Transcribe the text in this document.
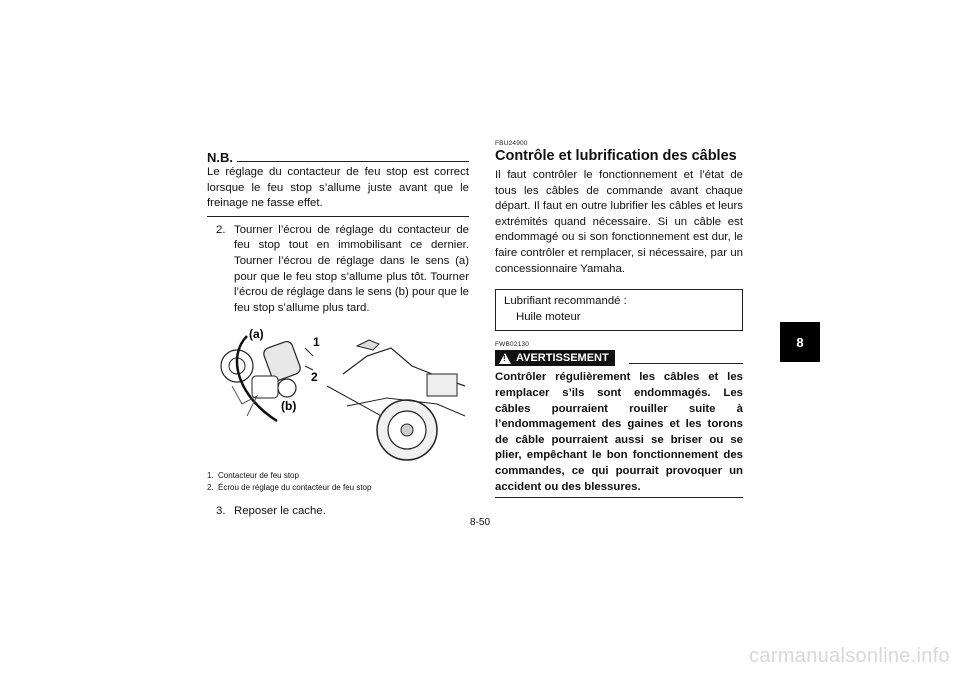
N.B.

Le réglage du contacteur de feu stop est correct lorsque le feu stop s’allume juste avant que le freinage ne fasse effet.

2. Tourner l’écrou de réglage du contacteur de feu stop tout en immobilisant ce dernier. Tourner l’écrou de réglage dans le sens (a) pour que le feu stop s’allume plus tôt. Tourner l’écrou de réglage dans le sens (b) pour que le feu stop s’allume plus tard.
(a)
1
2
(b)
1. Contacteur de feu stop
2. Écrou de réglage du contacteur de feu stop
3. Reposer le cache.
FBU24900
Contrôle et lubrification des câbles

Il faut contrôler le fonctionnement et l’état de tous les câbles de commande avant chaque départ. Il faut en outre lubrifier les câbles et leurs extrémités quand nécessaire. Si un câble est endommagé ou si son fonctionnement est dur, le faire contrôler et remplacer, si nécessaire, par un concessionnaire Yamaha.

Lubrifiant recommandé :
Huile moteur
FWB02130
! AVERTISSEMENT
Contrôler régulièrement les câbles et les remplacer s’ils sont endommagés. Les câbles pourraient rouiller suite à l’endommagement des gaines et les torons de câble pourraient aussi se briser ou se plier, empêchant le bon fonctionnement des commandes, ce qui pourrait provoquer un accident ou des blessures.
8
8-50
carmanualsonline.info
